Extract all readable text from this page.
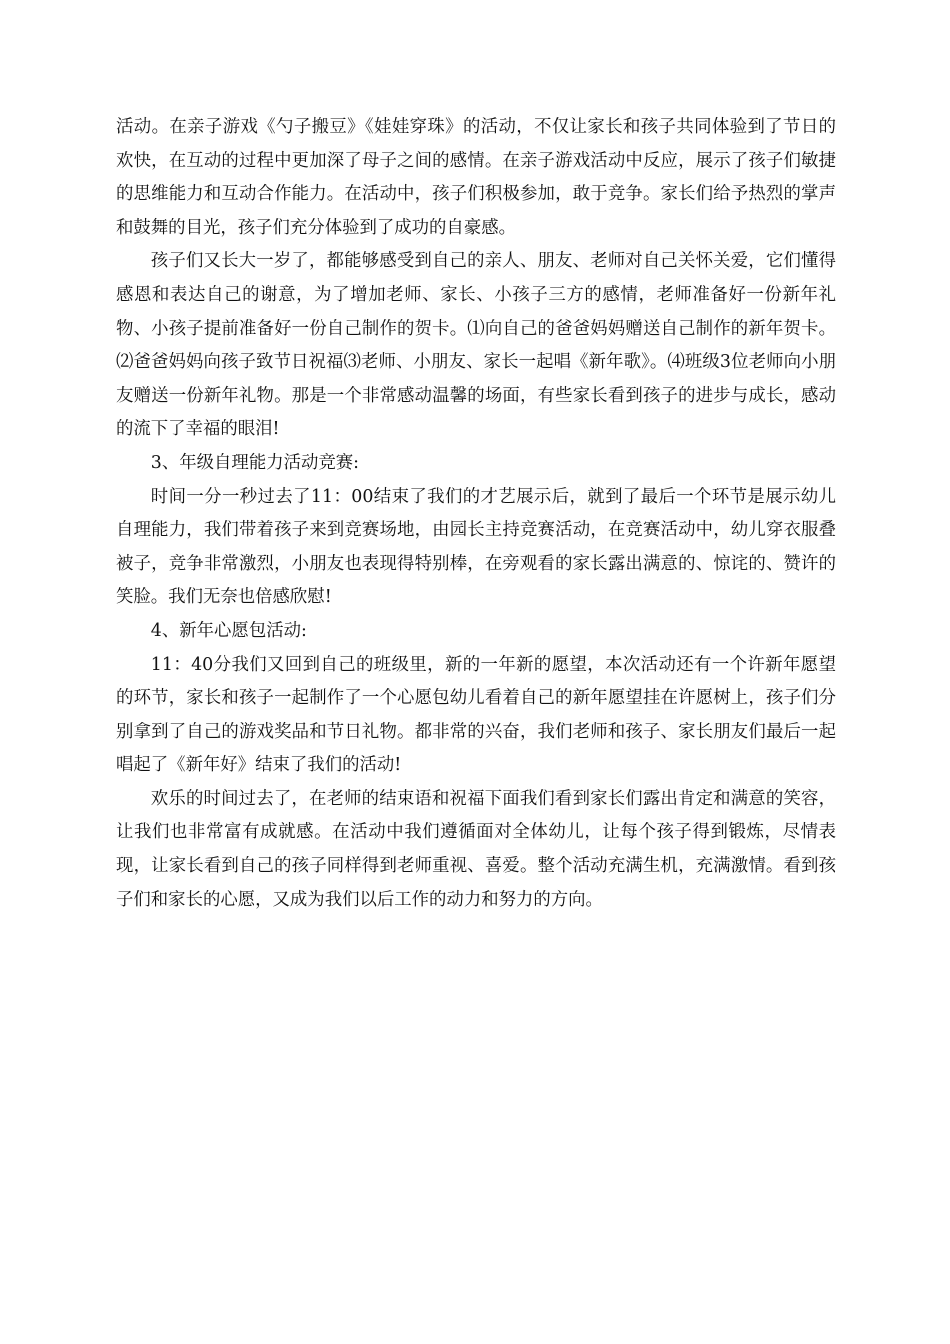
活动。在亲子游戏《勺子搬豆》《娃娃穿珠》的活动，不仅让家长和孩子共同体验到了节日的欢快，在互动的过程中更加深了母子之间的感情。在亲子游戏活动中反应，展示了孩子们敏捷的思维能力和互动合作能力。在活动中，孩子们积极参加，敢于竞争。家长们给予热烈的掌声和鼓舞的目光，孩子们充分体验到了成功的自豪感。

孩子们又长大一岁了，都能够感受到自己的亲人、朋友、老师对自己关怀关爱，它们懂得感恩和表达自己的谢意，为了增加老师、家长、小孩子三方的感情，老师准备好一份新年礼物、小孩子提前准备好一份自己制作的贺卡。⑴向自己的爸爸妈妈赠送自己制作的新年贺卡。⑵爸爸妈妈向孩子致节日祝福⑶老师、小朋友、家长一起唱《新年歌》。⑷班级3位老师向小朋友赠送一份新年礼物。那是一个非常感动温馨的场面，有些家长看到孩子的进步与成长，感动的流下了幸福的眼泪!

3、年级自理能力活动竞赛:

时间一分一秒过去了11：00结束了我们的才艺展示后，就到了最后一个环节是展示幼儿自理能力，我们带着孩子来到竞赛场地，由园长主持竞赛活动，在竞赛活动中，幼儿穿衣服叠被子，竞争非常激烈，小朋友也表现得特别棒，在旁观看的家长露出满意的、惊诧的、赞许的笑脸。我们无奈也倍感欣慰!

4、新年心愿包活动:

11：40分我们又回到自己的班级里，新的一年新的愿望，本次活动还有一个许新年愿望的环节，家长和孩子一起制作了一个心愿包幼儿看着自己的新年愿望挂在许愿树上，孩子们分别拿到了自己的游戏奖品和节日礼物。都非常的兴奋，我们老师和孩子、家长朋友们最后一起唱起了《新年好》结束了我们的活动!

欢乐的时间过去了，在老师的结束语和祝福下面我们看到家长们露出肯定和满意的笑容，让我们也非常富有成就感。在活动中我们遵循面对全体幼儿，让每个孩子得到锻炼，尽情表现，让家长看到自己的孩子同样得到老师重视、喜爱。整个活动充满生机，充满激情。看到孩子们和家长的心愿，又成为我们以后工作的动力和努力的方向。
